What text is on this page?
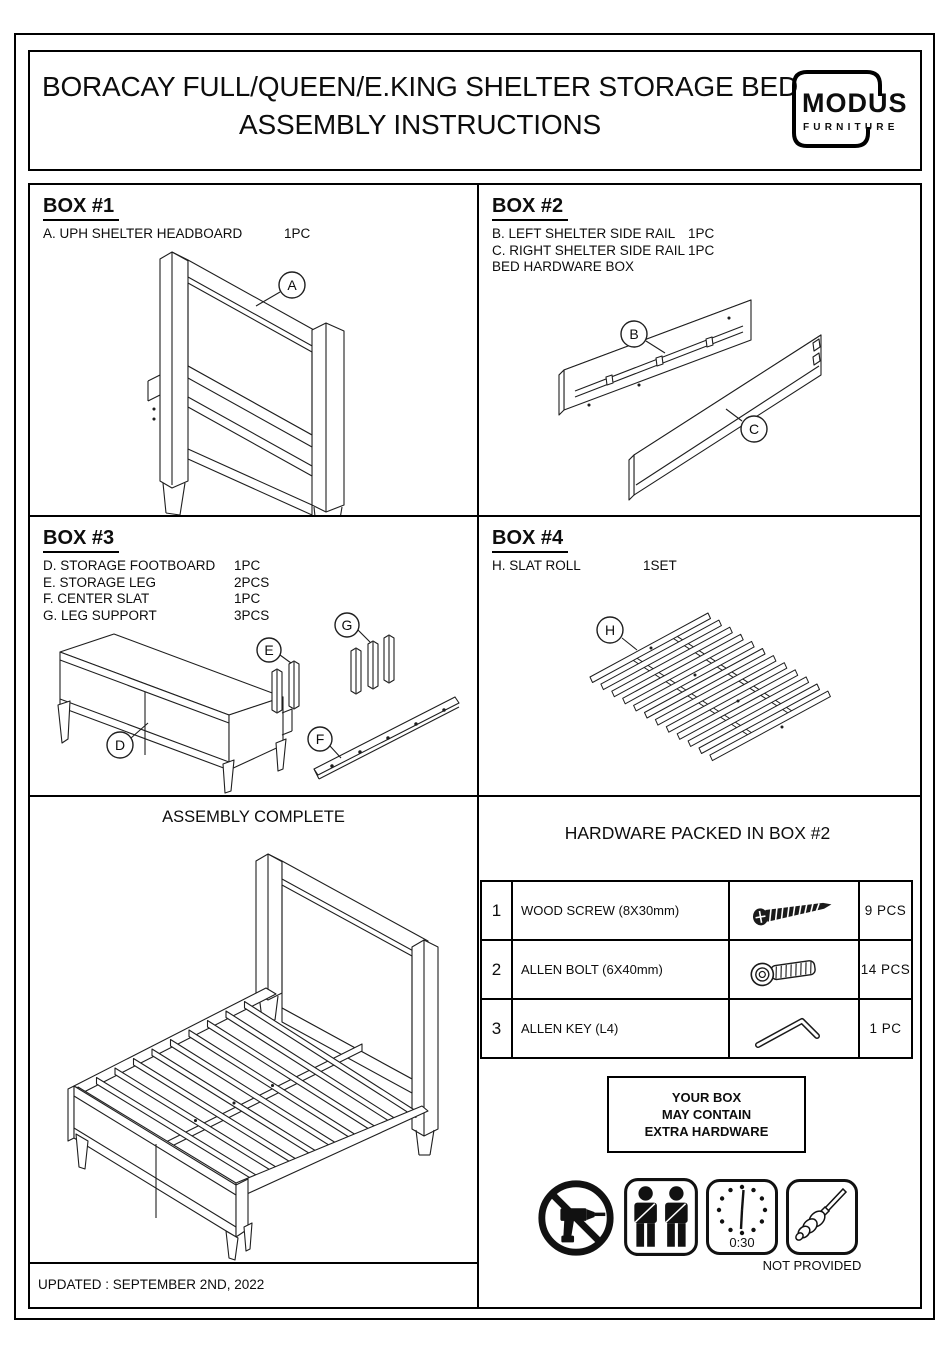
BORACAY FULL/QUEEN/E.KING SHELTER STORAGE BED
ASSEMBLY INSTRUCTIONS
MODUS
FURNITURE
BOX #1
A. UPH SHELTER HEADBOARD	1PC
A
BOX #2
B. LEFT SHELTER SIDE RAIL 1PC
C. RIGHT SHELTER SIDE RAIL 1PC
BED HARDWARE BOX
B
C
BOX #3
D. STORAGE FOOTBOARD	1PC
E. STORAGE LEG	2PCS
F. CENTER SLAT	1PC
G. LEG SUPPORT	3PCS
D
E
G
F
BOX #4
H. SLAT ROLL	1SET
H
ASSEMBLY COMPLETE
UPDATED : SEPTEMBER 2ND, 2022
HARDWARE PACKED IN BOX #2
1	WOOD SCREW (8X30mm)	9 PCS
2	ALLEN BOLT (6X40mm)	14 PCS
3	ALLEN KEY (L4)	1 PC
YOUR BOX
MAY CONTAIN
EXTRA HARDWARE
0:30
NOT PROVIDED
